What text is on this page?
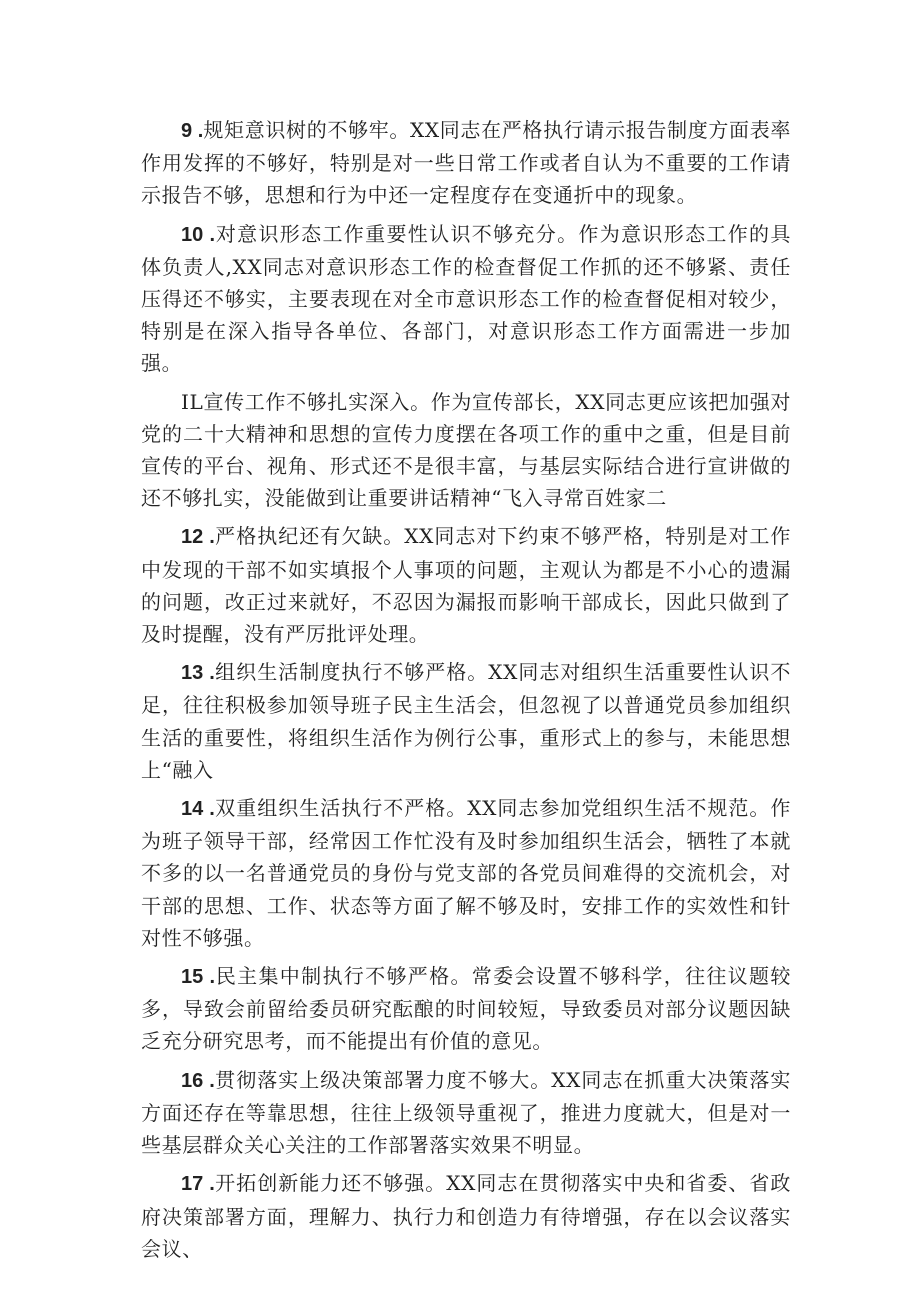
9 .规矩意识树的不够牢。XX同志在严格执行请示报告制度方面表率作用发挥的不够好，特别是对一些日常工作或者自认为不重要的工作请示报告不够，思想和行为中还一定程度存在变通折中的现象。

10 .对意识形态工作重要性认识不够充分。作为意识形态工作的具体负责人,XX同志对意识形态工作的检查督促工作抓的还不够紧、责任压得还不够实，主要表现在对全市意识形态工作的检查督促相对较少，特别是在深入指导各单位、各部门，对意识形态工作方面需进一步加强。

IL宣传工作不够扎实深入。作为宣传部长，XX同志更应该把加强对党的二十大精神和思想的宣传力度摆在各项工作的重中之重，但是目前宣传的平台、视角、形式还不是很丰富，与基层实际结合进行宣讲做的还不够扎实，没能做到让重要讲话精神“飞入寻常百姓家二

12 .严格执纪还有欠缺。XX同志对下约束不够严格，特别是对工作中发现的干部不如实填报个人事项的问题，主观认为都是不小心的遗漏的问题，改正过来就好，不忍因为漏报而影响干部成长，因此只做到了及时提醒，没有严厉批评处理。

13 .组织生活制度执行不够严格。XX同志对组织生活重要性认识不足，往往积极参加领导班子民主生活会，但忽视了以普通党员参加组织生活的重要性，将组织生活作为例行公事，重形式上的参与，未能思想上“融入

14 .双重组织生活执行不严格。XX同志参加党组织生活不规范。作为班子领导干部，经常因工作忙没有及时参加组织生活会，牺牲了本就不多的以一名普通党员的身份与党支部的各党员间难得的交流机会，对干部的思想、工作、状态等方面了解不够及时，安排工作的实效性和针对性不够强。

15 .民主集中制执行不够严格。常委会设置不够科学，往往议题较多，导致会前留给委员研究酝酿的时间较短，导致委员对部分议题因缺乏充分研究思考，而不能提出有价值的意见。

16 .贯彻落实上级决策部署力度不够大。XX同志在抓重大决策落实方面还存在等靠思想，往往上级领导重视了，推进力度就大，但是对一些基层群众关心关注的工作部署落实效果不明显。

17 .开拓创新能力还不够强。XX同志在贯彻落实中央和省委、省政府决策部署方面，理解力、执行力和创造力有待增强，存在以会议落实会议、
